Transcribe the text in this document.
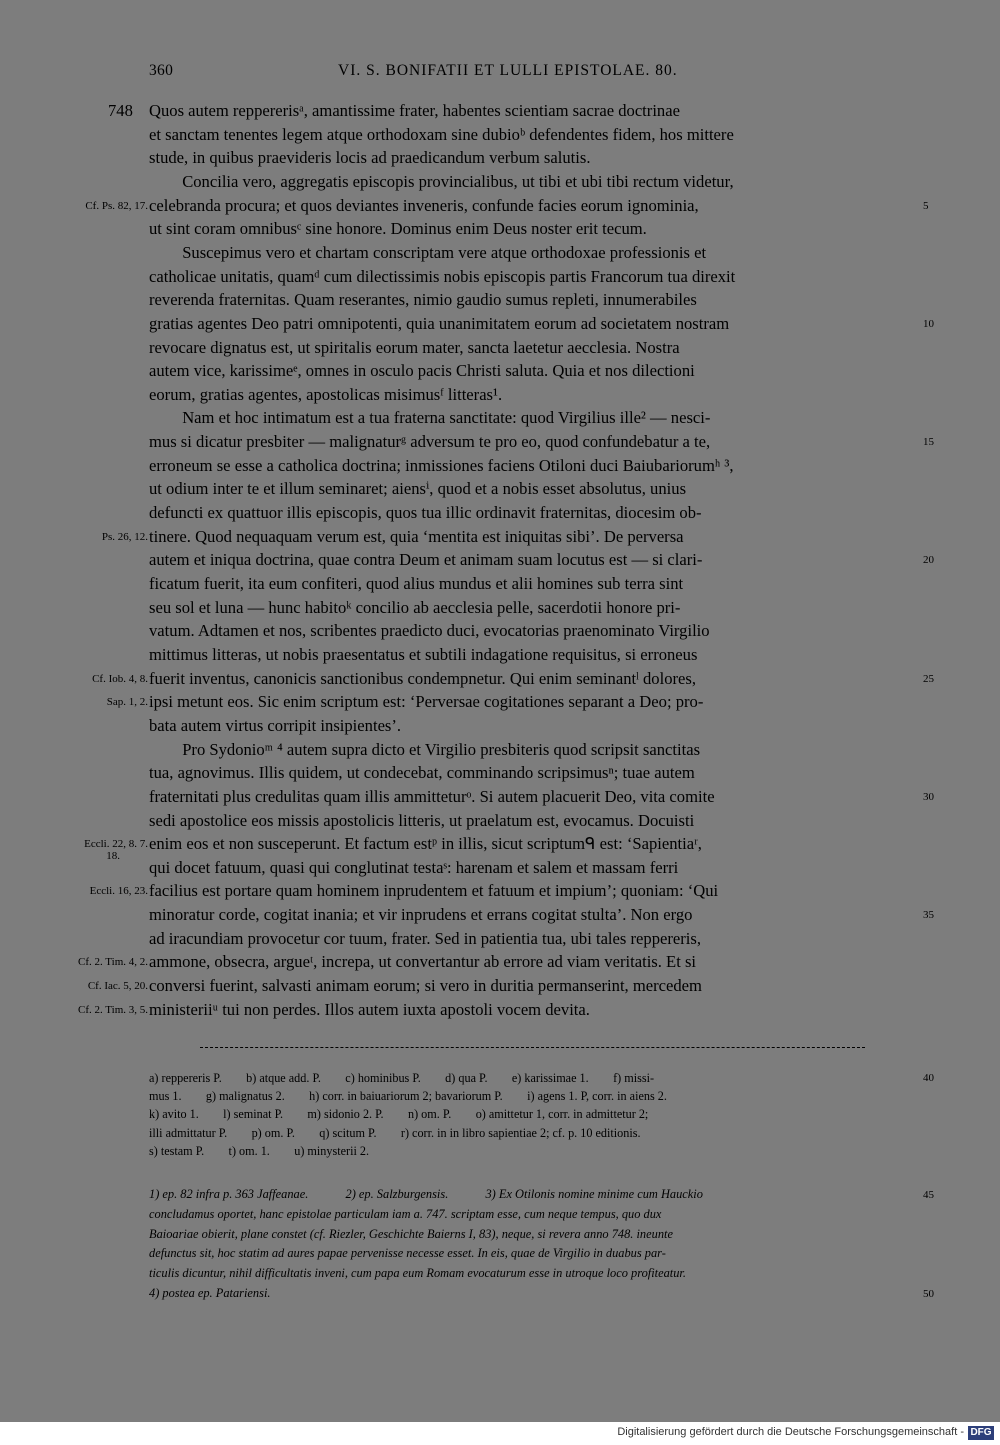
360	VI. S. BONIFATII ET LULLI EPISTOLAE. 80.
748 Quos autem reppererisᵃ, amantissime frater, habentes scientiam sacrae doctrinae
et sanctam tenentes legem atque orthodoxam sine dubioᵇ defendentes fidem, hos mittere
stude, in quibus praevideris locis ad praedicandum verbum salutis.
  Concilia vero, aggregatis episcopis provincialibus, ut tibi et ubi tibi rectum videtur,
celebranda procura; et quos deviantes inveneris, confunde facies eorum ignominia,
ut sint coram omnibusᶜ sine honore. Dominus enim Deus noster erit tecum.
  Suscepimus vero et chartam conscriptam vere atque orthodoxae professionis et
catholicae unitatis, quamᵈ cum dilectissimis nobis episcopis partis Francorum tua direxit
reverenda fraternitas. Quam reserantes, nimio gaudio sumus repleti, innumerabiles
gratias agentes Deo patri omnipotenti, quia unanimitatem eorum ad societatem nostram
revocare dignatus est, ut spiritalis eorum mater, sancta laetetur aecclesia. Nostra
autem vice, karissimeᵉ, omnes in osculo pacis Christi saluta. Quia et nos dilectioni
eorum, gratias agentes, apostolicas misimusᶠ litteras¹.
  Nam et hoc intimatum est a tua fraterna sanctitate: quod Virgilius ille² — nesci-
mus si dicatur presbiter — malignaturᵍ adversum te pro eo, quod confundebatur a te,
erroneum se esse a catholica doctrina; inmissiones faciens Otiloni duci Baiubariorumʰ ³,
ut odium inter te et illum seminaret; aiensⁱ, quod et a nobis esset absolutus, unius
defuncti ex quattuor illis episcopis, quos tua illic ordinavit fraternitas, diocesim ob-
tinere. Quod nequaquam verum est, quia ‘mentita est iniquitas sibi’. De perversa
autem et iniqua doctrina, quae contra Deum et animam suam locutus est — si clari-
ficatum fuerit, ita eum confiteri, quod alius mundus et alii homines sub terra sint
seu sol et luna — hunc habitoᵏ concilio ab aecclesia pelle, sacerdotii honore pri-
vatum. Adtamen et nos, scribentes praedicto duci, evocatorias praenominato Virgilio
mittimus litteras, ut nobis praesentatus et subtili indagatione requisitus, si erroneus
fuerit inventus, canonicis sanctionibus condempnetur. Qui enim seminantˡ dolores,
ipsi metunt eos. Sic enim scriptum est: ‘Perversae cogitationes separant a Deo; pro-
bata autem virtus corripit insipientes’.
  Pro Sydonioᵐ ⁴ autem supra dicto et Virgilio presbiteris quod scripsit sanctitas
tua, agnovimus. Illis quidem, ut condecebat, comminando scripsimusⁿ; tuae autem
fraternitati plus credulitas quam illis ammitteturᵒ. Si autem placuerit Deo, vita comite
sedi apostolice eos missis apostolicis litteris, ut praelatum est, evocamus. Docuisti
enim eos et non susceperunt. Et factum estᵖ in illis, sicut scriptumᑫ est: ‘Sapientiaʳ,
qui docet fatuum, quasi qui conglutinat testaˢ: harenam et salem et massam ferri
facilius est portare quam hominem inprudentem et fatuum et impium’; quoniam: ‘Qui
minoratur corde, cogitat inania; et vir inprudens et errans cogitat stulta’. Non ergo
ad iracundiam provocetur cor tuum, frater. Sed in patientia tua, ubi tales reppereris,
ammone, obsecra, argueᵗ, increpa, ut convertantur ab errore ad viam veritatis. Et si
conversi fuerint, salvasti animam eorum; si vero in duritia permanserint, mercedem
ministeriiᵘ tui non perdes. Illos autem iuxta apostoli vocem devita.
Cf. Ps. 82, 17.
Ps. 26, 12.
Cf. Iob. 4, 8.
Sap. 1, 2.
Eccli. 22, 8. 7.
Eccli. 16, 23.
Cf. 2. Tim. 4, 2.
Cf. Iac. 5, 20.
Cf. 2. Tim. 3, 5.
18.
5
10
15
20
25
30
35
a) reppereris P.  b) atque add. P.  c) hominibus P.  d) qua P.  e) karissimae 1.  f) missi-
mus 1.  g) malignatus 2.  h) corr. in baiuariorum 2; bavariorum P.  i) agens 1. P, corr. in aiens 2.
k) avito 1.  l) seminat P.  m) sidonio 2. P.  n) om. P.  o) amittetur 1, corr. in admittetur 2;
illi admittatur P.  p) om. P.  q) scitum P.  r) corr. in in libro sapientiae 2; cf. p. 10 editionis.
s) testam P.  t) om. 1.  u) minysterii 2.
40
1) ep. 82 infra p. 363 Jaffeanae.   2) ep. Salzburgensis.   3) Ex Otilonis nomine minime cum Hauckio
concludamus oportet, hanc epistolae particulam iam a. 747. scriptam esse, cum neque tempus, quo dux
Baioariae obierit, plane constet (cf. Riezler, Geschichte Baierns I, 83), neque, si revera anno 748. ineunte
defunctus sit, hoc statim ad aures papae pervenisse necesse esset. In eis, quae de Virgilio in duabus par-
ticulis dicuntur, nihil difficultatis inveni, cum papa eum Romam evocaturum esse in utroque loco profiteatur.
4) postea ep. Patariensi.
45
50
Digitalisierung gefördert durch die Deutsche Forschungsgemeinschaft - DFG
